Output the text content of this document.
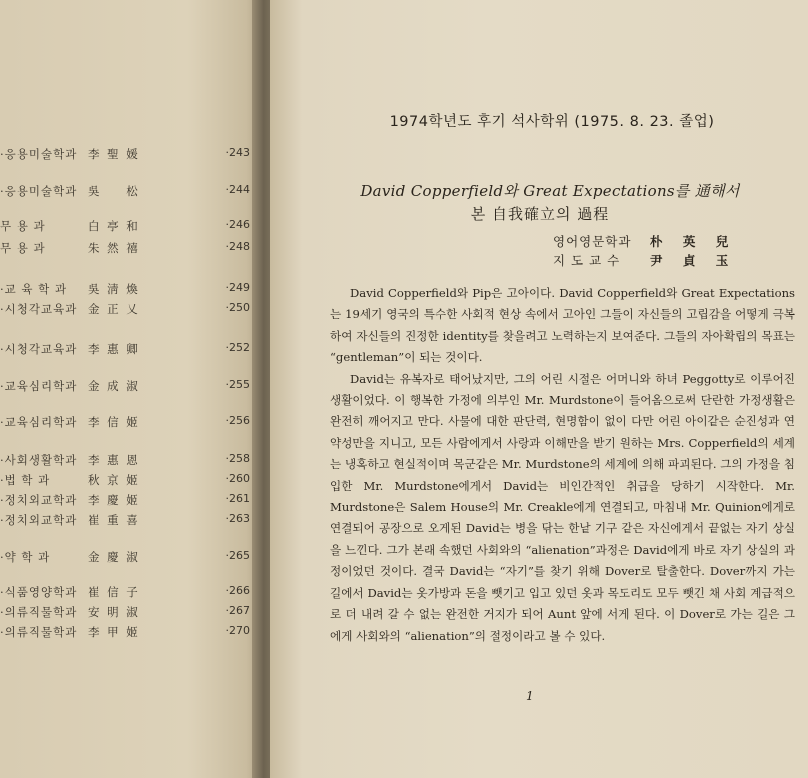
·응용미술학과 李 聖 媛	·243
·응용미술학과 吳 　 松	·244
무 용 과	白 亭 和	·246
무 용 과	朱 然 禧	·248
·교 육 학 과 吳 淸 煥	·249
·시청각교육과 金 正 乂	·250
·시청각교육과 李 惠 卿	·252
·교육심리학과 金 成 淑	·255
·교육심리학과 李 信 姬	·256
·사회생활학과 李 惠 恩	·258
·법 학 과	秋 京 姬	·260
·정치외교학과 李 慶 姬	·261
·정치외교학과 崔 重 喜	·263
·약 학 과	金 慶 淑	·265
·식품영양학과 崔 信 子	·266
·의류직물학과 安 明 淑	·267
·의류직물학과 李 甲 姬	·270
1974학년도 후기 석사학위 (1975. 8. 23. 졸업)
David Copperfield와 Great Expectations를 通해서
본 自我確立의 過程
영어영문학과 朴 英 兒
지 도 교 수 尹 貞 玉

David Copperfield와 Pip은 고아이다. David Copperfield와 Great Expectations는 19세기 영국의 특수한 사회적 현상 속에서 고아인 그들이 자신들의 고립감을 어떻게 극복하여 자신들의 진정한 identity를 찾을려고 노력하는지 보여준다. 그들의 자아확립의 목표는 “gentleman”이 되는 것이다.

David는 유복자로 태어났지만, 그의 어린 시절은 어머니와 하녀 Peggotty로 이루어진 생활이었다. 이 행복한 가정에 의부인 Mr. Murdstone이 들어옴으로써 단란한 가정생활은 완전히 깨어지고 만다. 사물에 대한 판단력, 현명함이 없이 다만 어린 아이같은 순진성과 연약성만을 지니고, 모든 사람에게서 사랑과 이해만을 받기 원하는 Mrs. Copperfield의 세계는 냉혹하고 현실적이며 목군같은 Mr. Murdstone의 세계에 의해 파괴된다. 그의 가정을 침입한 Mr. Murdstone에게서 David는 비인간적인 취급을 당하기 시작한다. Mr. Murdstone은 Salem House의 Mr. Creakle에게 연결되고, 마침내 Mr. Quinion에게로 연결되어 공장으로 오게된 David는 병을 닦는 한낱 기구 같은 자신에게서 끝없는 자기 상실을 느낀다. 그가 본래 속했던 사회와의 “alienation”과정은 David에게 바로 자기 상실의 과정이었던 것이다. 결국 David는 “자기”를 찾기 위해 Dover로 탈출한다. Dover까지 가는 길에서 David는 옷가방과 돈을 뺏기고 입고 있던 옷과 목도리도 모두 뺏긴 채 사회 계급적으로 더 내려 갈 수 없는 완전한 거지가 되어 Aunt 앞에 서게 된다. 이 Dover로 가는 길은 그에게 사회와의 “alienation”의 절정이라고 볼 수 있다.

1
